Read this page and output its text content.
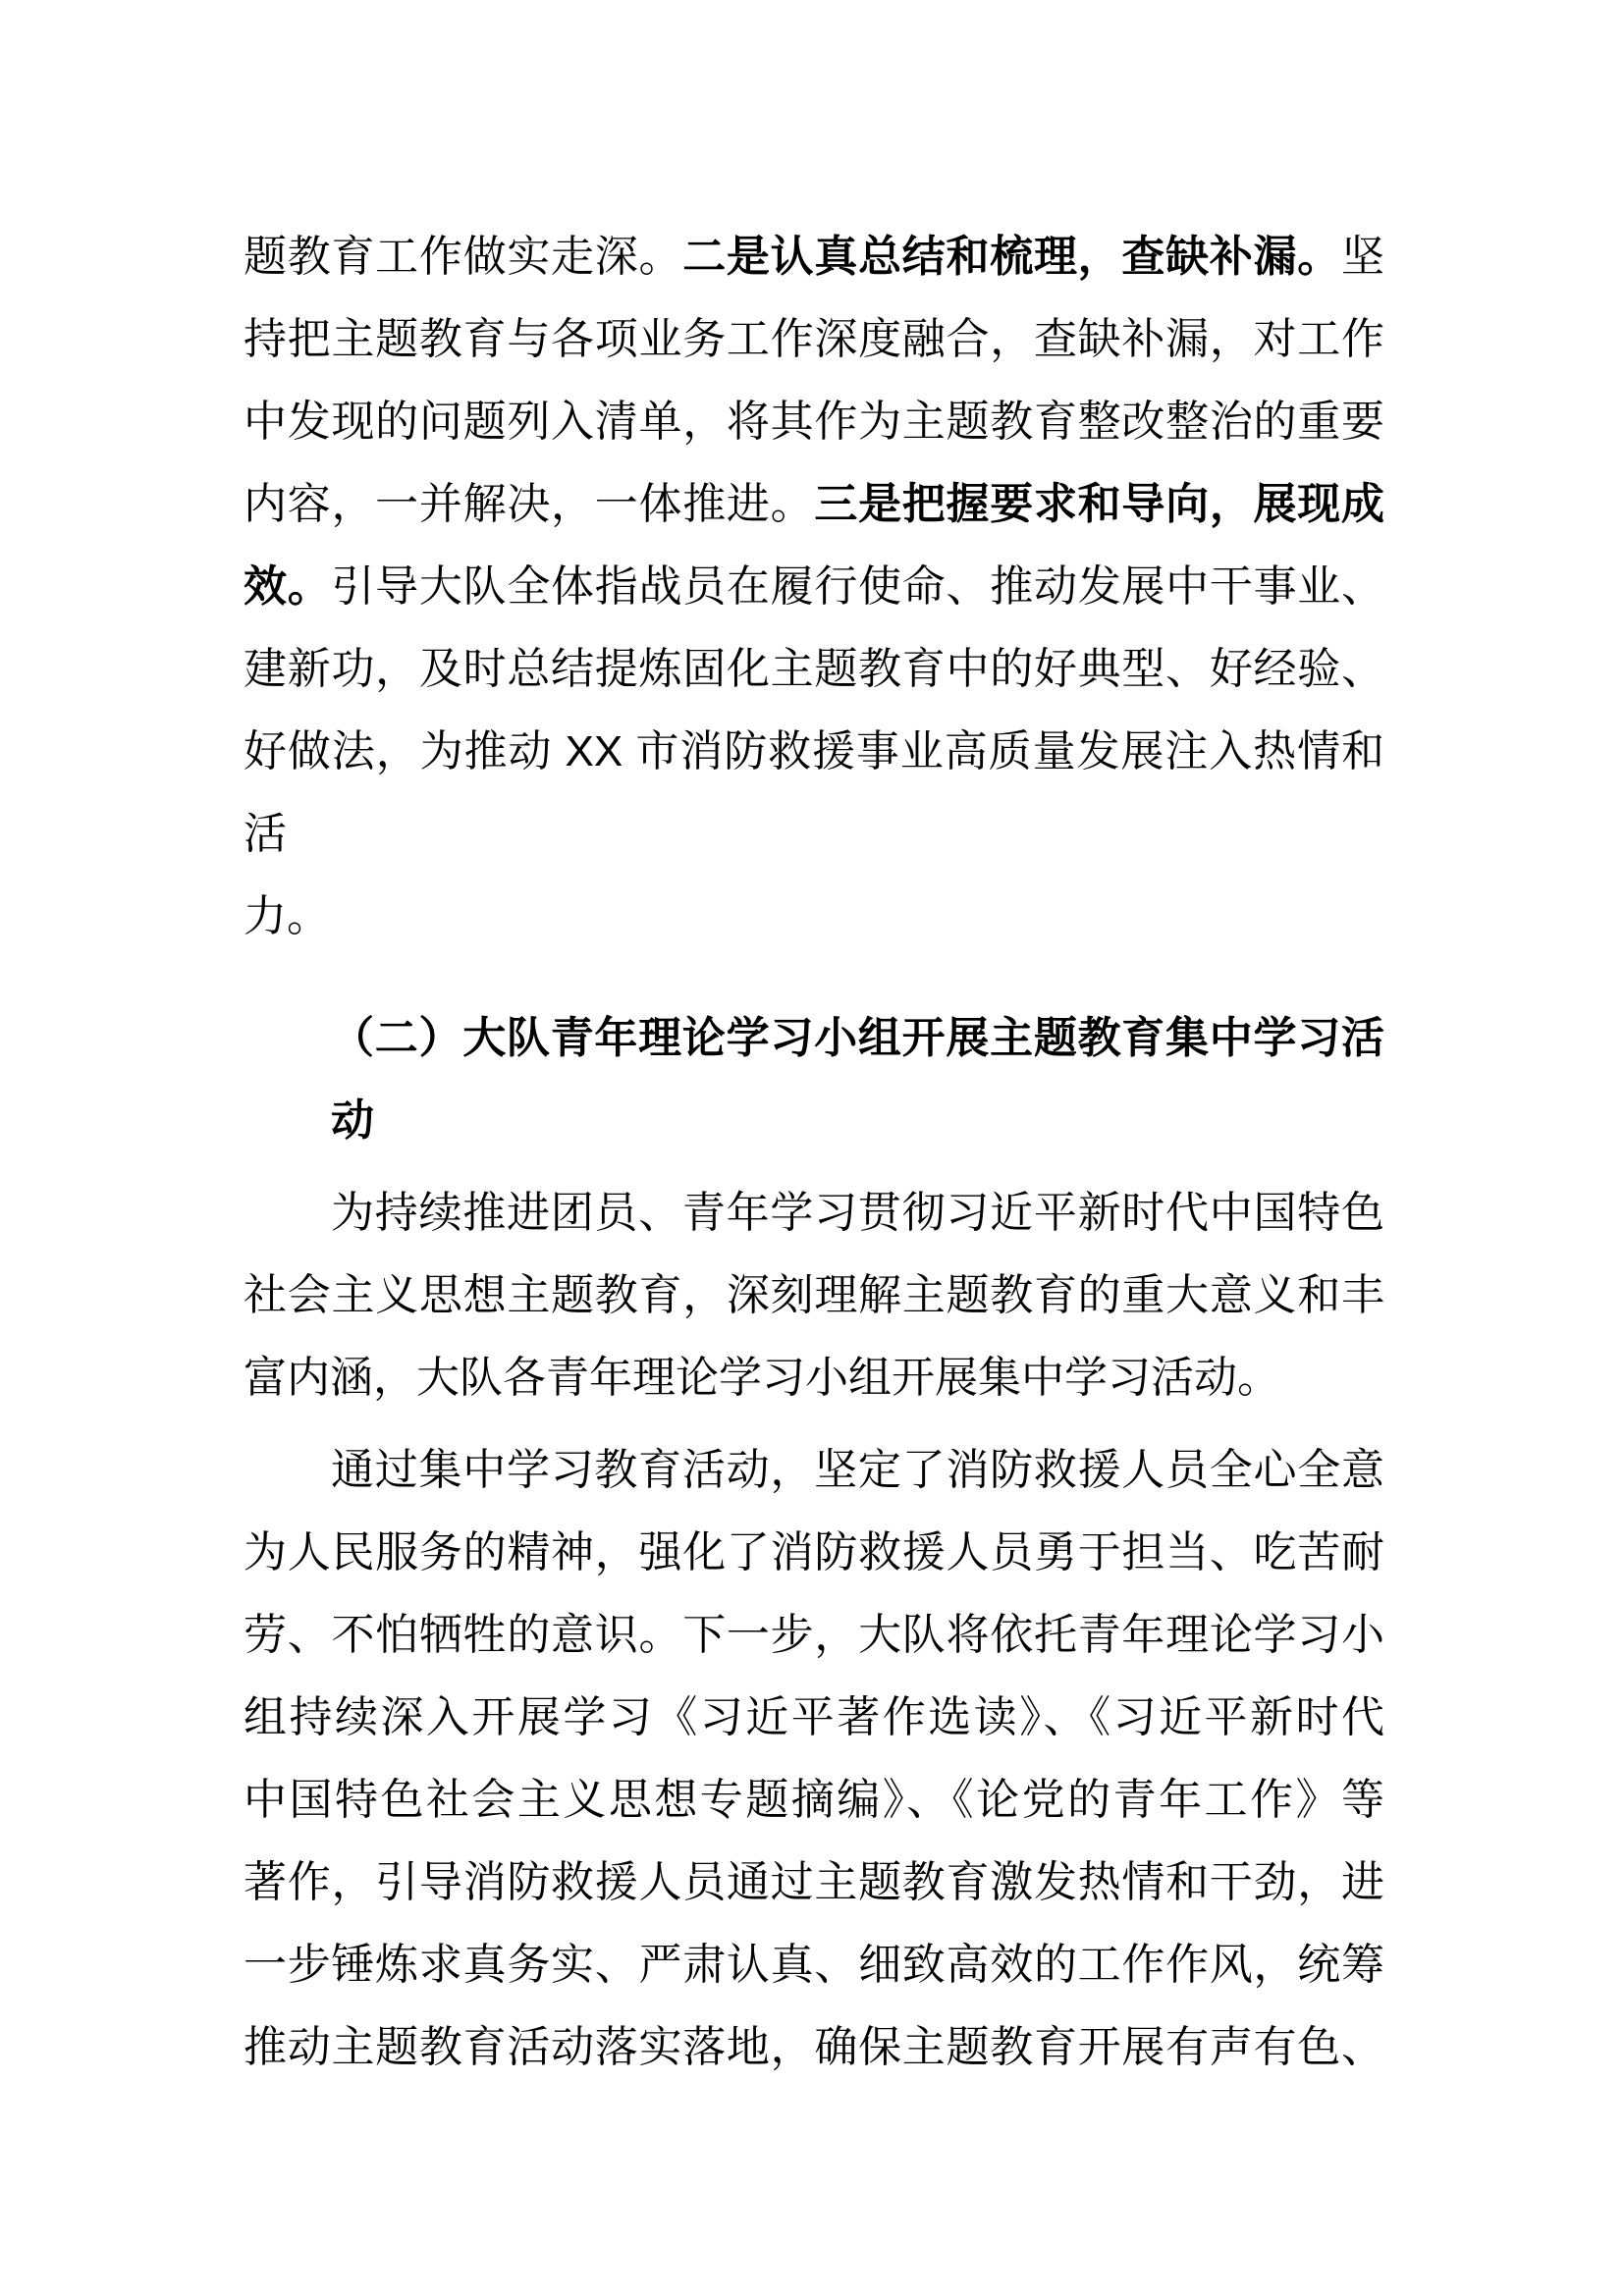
题教育工作做实走深。二是认真总结和梳理，查缺补漏。坚
持把主题教育与各项业务工作深度融合，查缺补漏，对工作
中发现的问题列入清单，将其作为主题教育整改整治的重要
内容，一并解决，一体推进。三是把握要求和导向，展现成
效。引导大队全体指战员在履行使命、推动发展中干事业、
建新功，及时总结提炼固化主题教育中的好典型、好经验、
好做法，为推动 XX 市消防救援事业高质量发展注入热情和活
力。
（二）大队青年理论学习小组开展主题教育集中学习活
动
为持续推进团员、青年学习贯彻习近平新时代中国特色
社会主义思想主题教育，深刻理解主题教育的重大意义和丰
富内涵，大队各青年理论学习小组开展集中学习活动。
通过集中学习教育活动，坚定了消防救援人员全心全意
为人民服务的精神，强化了消防救援人员勇于担当、吃苦耐
劳、不怕牺牲的意识。下一步，大队将依托青年理论学习小
组持续深入开展学习《习近平著作选读》、《习近平新时代
中国特色社会主义思想专题摘编》、《论党的青年工作》等
著作，引导消防救援人员通过主题教育激发热情和干劲，进
一步锤炼求真务实、严肃认真、细致高效的工作作风，统筹
推动主题教育活动落实落地，确保主题教育开展有声有色、
